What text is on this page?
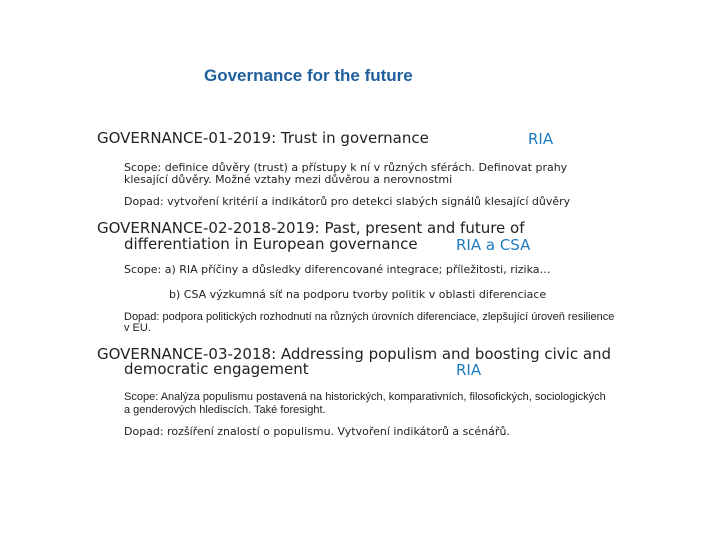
Governance for the future
GOVERNANCE-01-2019: Trust in governance	RIA
Scope: definice důvěry (trust) a přístupy k ní v různých sférách. Definovat prahy
klesající důvěry. Možné vztahy mezi důvěrou a nerovnostmi
Dopad: vytvoření kritérií a indikátorů pro detekci slabých signálů klesající důvěry
GOVERNANCE-02-2018-2019: Past, present and future of
differentiation in European governance	RIA a CSA
Scope: a) RIA příčiny a důsledky diferencované integrace; příležitosti, rizika…
b) CSA výzkumná síť na podporu tvorby politik v oblasti diferenciace
Dopad: podpora politických rozhodnutí na různých úrovních diferenciace, zlepšující úroveň resilience
v EU.
GOVERNANCE-03-2018: Addressing populism and boosting civic and
democratic engagement	RIA
Scope: Analýza populismu postavená na historických, komparativních, filosofických, sociologických
a genderových hlediscích. Také foresight.
Dopad: rozšíření znalostí o populismu. Vytvoření indikátorů a scénářů.
